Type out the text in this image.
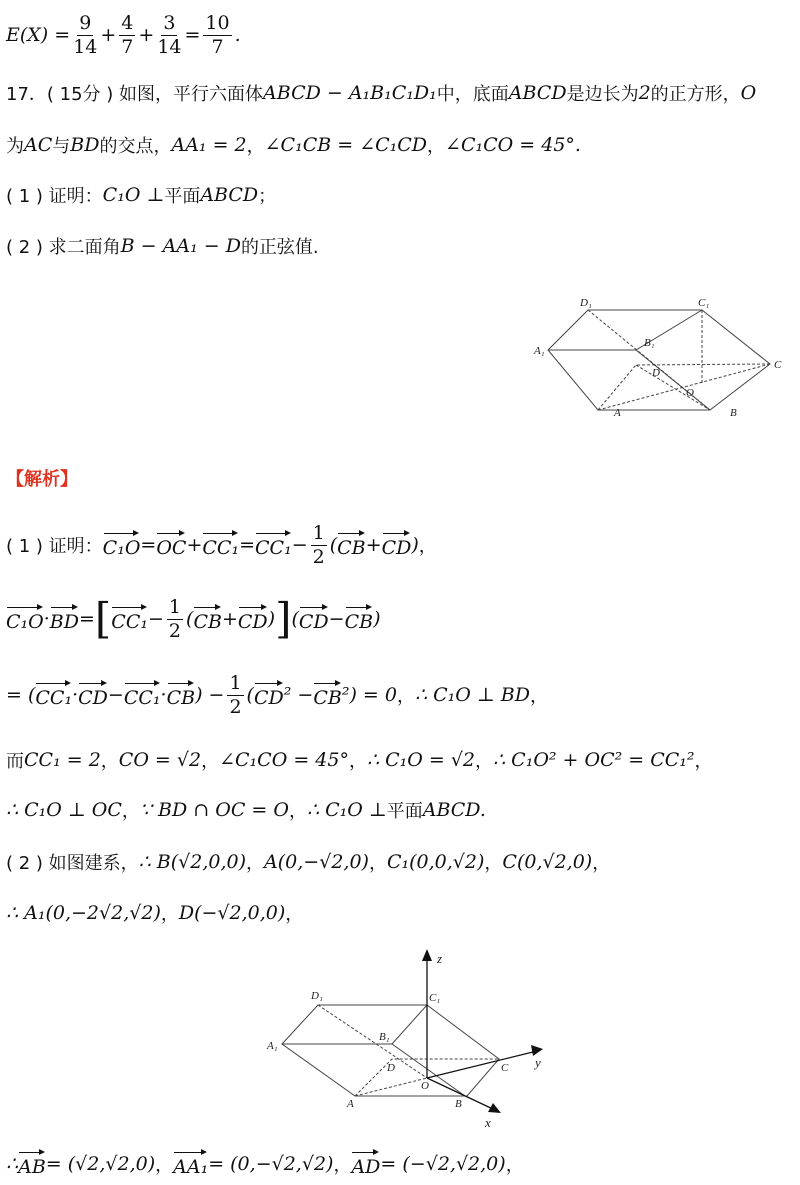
$E(X) = \frac{9}{14} + \frac{4}{7} + \frac{3}{14} = \frac{10}{7}$ .
17．( 15分 ) 如图，平行六面体 ABCD − A₁B₁C₁D₁ 中，底面 ABCD 是边长为 2 的正方形， O
为 AC 与 BD 的交点， AA₁ = 2 ， ∠C₁CB = ∠C₁CD ， ∠C₁CO = 45°.
( 1 ) 证明： C₁O ⊥ 平面 ABCD ；
( 2 ) 求二面角 B − AA₁ − D 的正弦值.
【解析】
( 1 ) 证明： C₁O = OC + $CC_1 = CC_1 - \frac{1}{2}$ ( CB + CD ) ，
C₁O · BD = [ $CC_1 - \frac{1}{2}$ ( CB + CD ) ] ( CD − CB )
= ( CC₁ · CD − CC₁ · CB ) − $\frac{1}{2}$ ( CD ² − CB ²) = 0 ， ∴ C₁O ⊥ BD ，
而 CC₁ = 2 ， CO = √2 ， ∠C₁CO = 45° ， ∴ C₁O = √2 ， ∴ C₁O² + OC² = CC₁² ，
∴ C₁O ⊥ OC ， ∵ BD ∩ OC = O ， ∴ C₁O ⊥ 平面 ABCD.
( 2 ) 如图建系， ∴ B(√2,0,0) ， A(0,−√2,0) ， C₁(0,0,√2) ， C(0,√2,0) ，
∴ A₁(0,−2√2,√2) ， D(−√2,0,0) ，
∴ AB = (√2,√2,0) ， AA₁ = (0,−√2,√2) ， AD = (−√2,√2,0) ，
A₁
D₁	C₁
B₁
C
D
O
A	B
z
y
x
A₁
D₁	C₁
B₁
C
D
O
A	B
